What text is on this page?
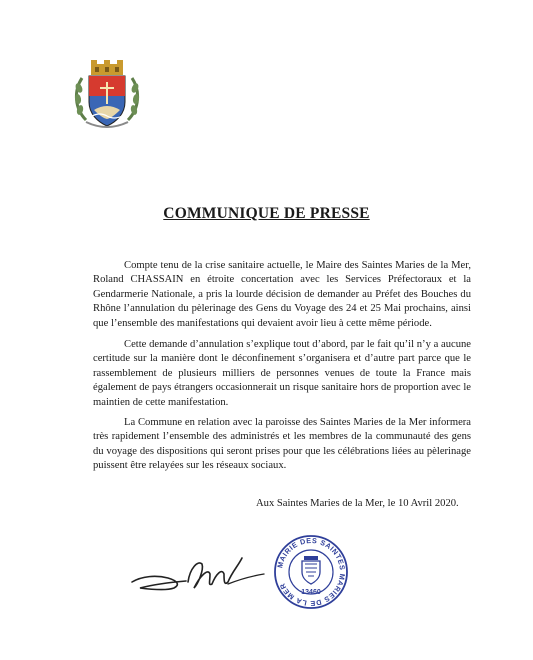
COMMUNIQUE DE PRESSE

Compte tenu de la crise sanitaire actuelle, le Maire des Saintes Maries de la Mer, Roland CHASSAIN en étroite concertation avec les Services Préfectoraux et la Gendarmerie Nationale, a pris la lourde décision de demander au Préfet des Bouches du Rhône l’annulation du pèlerinage des Gens du Voyage des 24 et 25 Mai prochains, ainsi que l’ensemble des manifestations qui devaient avoir lieu à cette même période.

Cette demande d’annulation s’explique tout d’abord, par le fait qu’il n’y a aucune certitude sur la manière dont le déconfinement s’organisera et d’autre part parce que le rassemblement de plusieurs milliers de personnes venues de toute la France mais également de pays étrangers occasionnerait un risque sanitaire hors de proportion avec le maintien de cette manifestation.

La Commune en relation avec la paroisse des Saintes Maries de la Mer informera très rapidement l’ensemble des administrés et les membres de la communauté des gens du voyage des dispositions qui seront prises pour que les célébrations liées au pèlerinage puissent être relayées sur les réseaux sociaux.

Aux Saintes Maries de la Mer, le 10 Avril 2020.
MAIRIE DES SAINTES MARIES DE LA MER
13460
